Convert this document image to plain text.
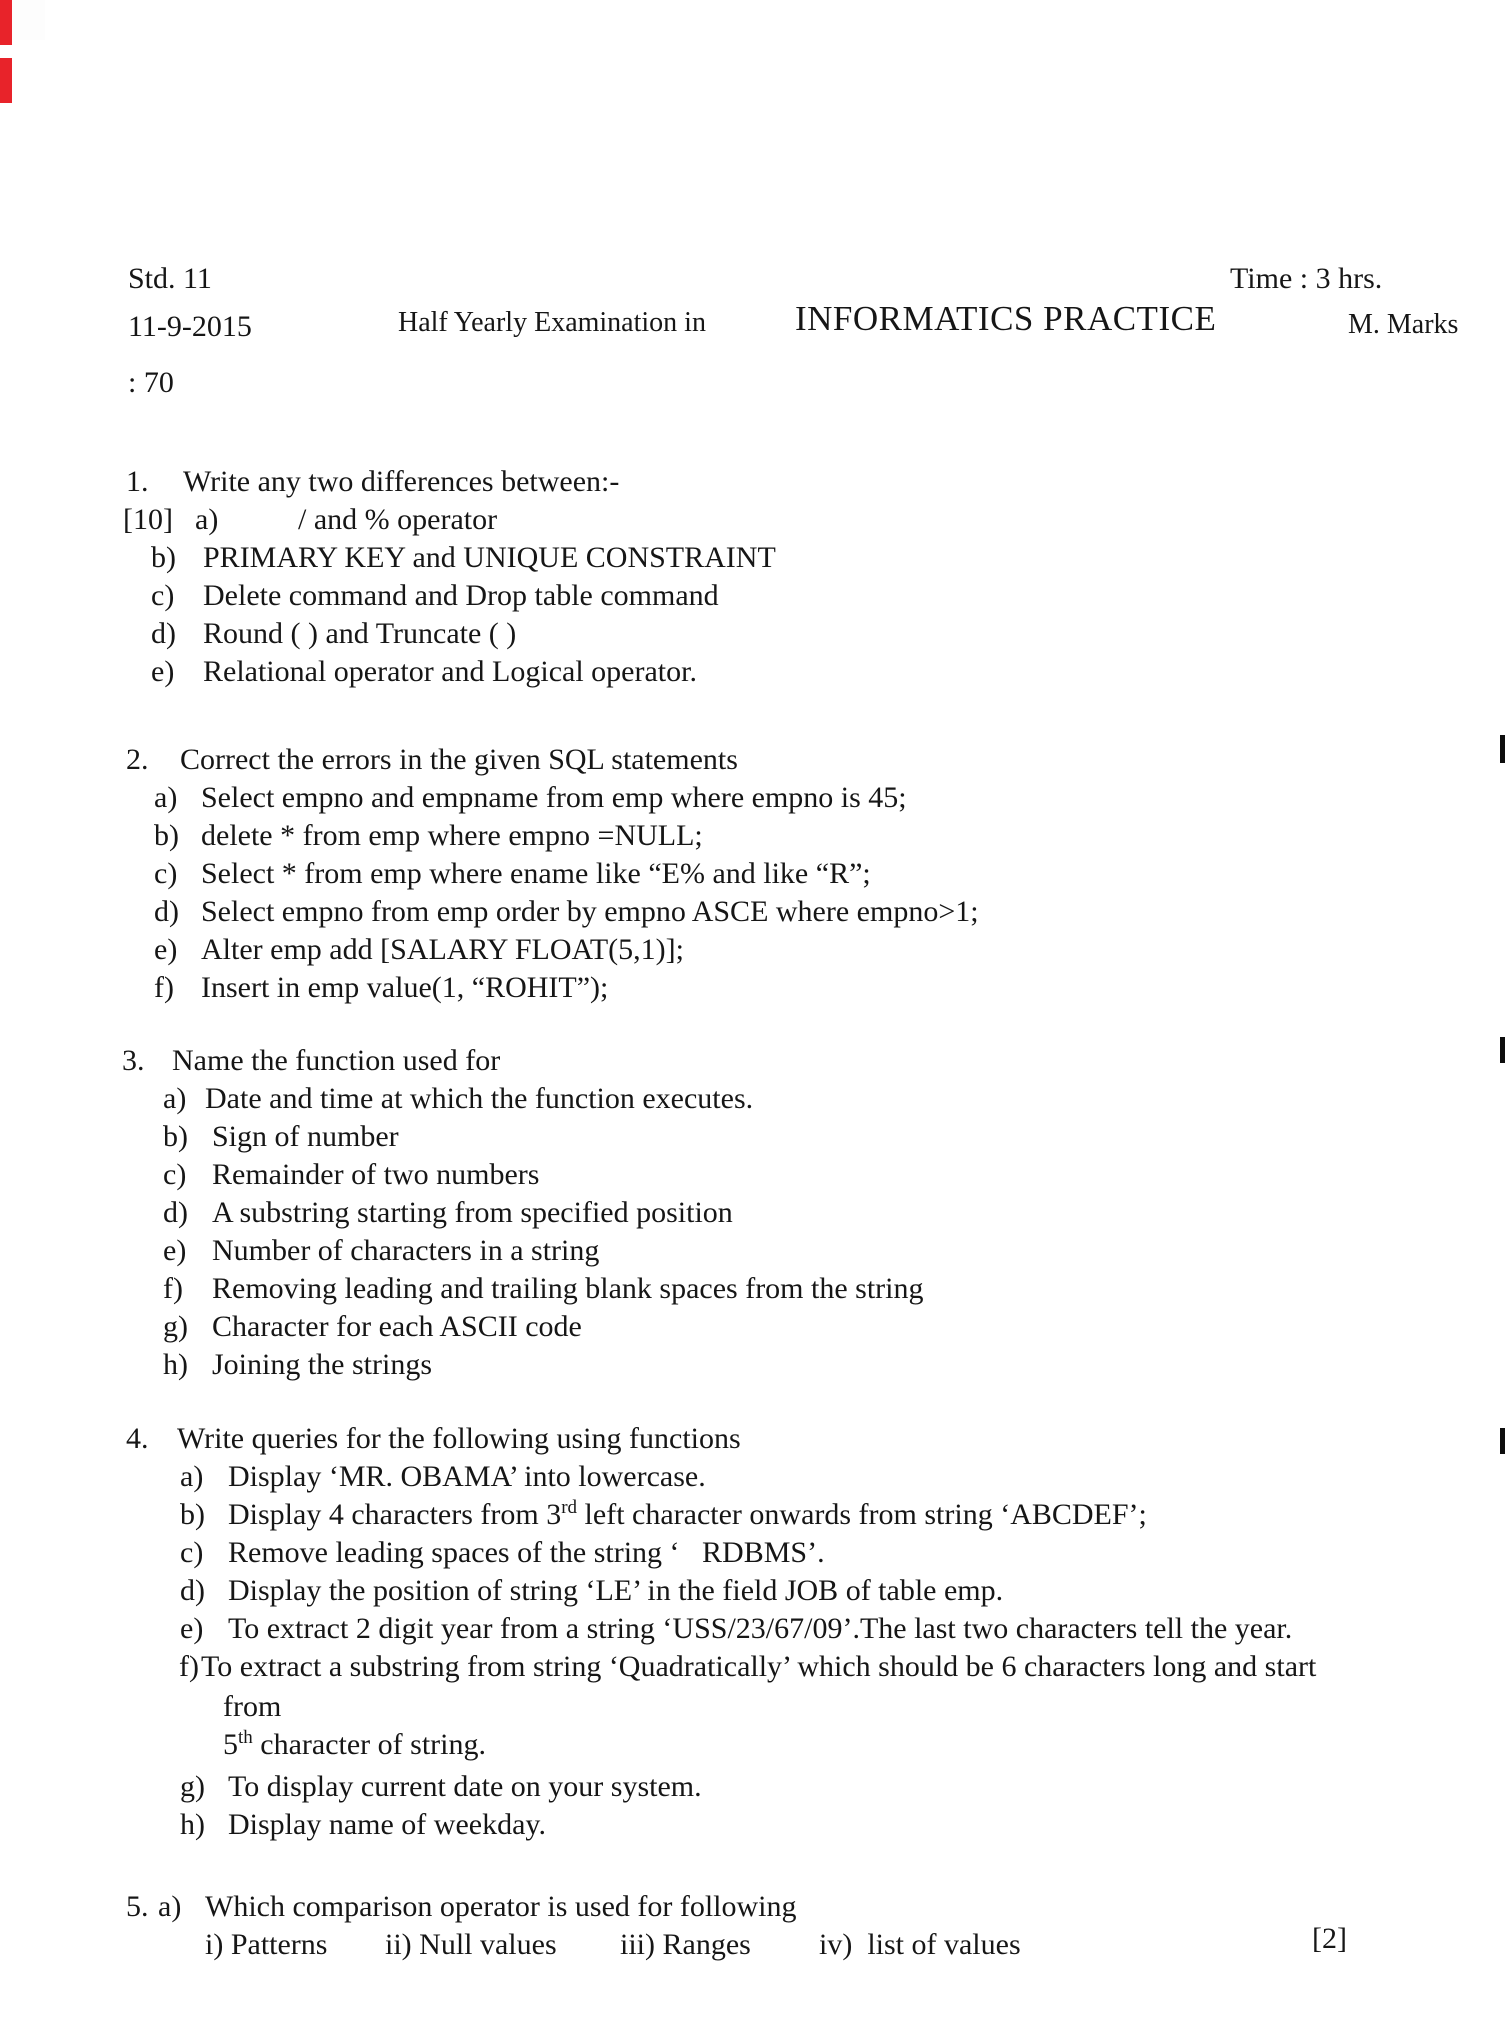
Std. 11	Time : 3 hrs.
11-9-2015	Half Yearly Examination in	INFORMATICS PRACTICE	M. Marks
: 70
1. Write any two differences between:-
[10] a)	/ and % operator
b) PRIMARY KEY and UNIQUE CONSTRAINT
c) Delete command and Drop table command
d) Round ( ) and Truncate ( )
e) Relational operator and Logical operator.
2. Correct the errors in the given SQL statements
a) Select empno and empname from emp where empno is 45;
b) delete * from emp where empno =NULL;
c) Select * from emp where ename like “E% and like “R”;
d) Select empno from emp order by empno ASCE where empno>1;
e) Alter emp add [SALARY FLOAT(5,1)];
f) Insert in emp value(1, “ROHIT”);
3. Name the function used for
a) Date and time at which the function executes.
b) Sign of number
c) Remainder of two numbers
d) A substring starting from specified position
e) Number of characters in a string
f) Removing leading and trailing blank spaces from the string
g) Character for each ASCII code
h) Joining the strings
4. Write queries for the following using functions
a) Display ‘MR. OBAMA’ into lowercase.
b) Display 4 characters from 3rd left character onwards from string ‘ABCDEF’;
c) Remove leading spaces of the string ‘   RDBMS’.
d) Display the position of string ‘LE’ in the field JOB of table emp.
e) To extract 2 digit year from a string ‘USS/23/67/09’.The last two characters tell the year.
f) To extract a substring from string ‘Quadratically’ which should be 6 characters long and start
from
5th character of string.
g) To display current date on your system.
h) Display name of weekday.
5. a) Which comparison operator is used for following
i) Patterns ii) Null values iii) Ranges iv)  list of values	[2]
